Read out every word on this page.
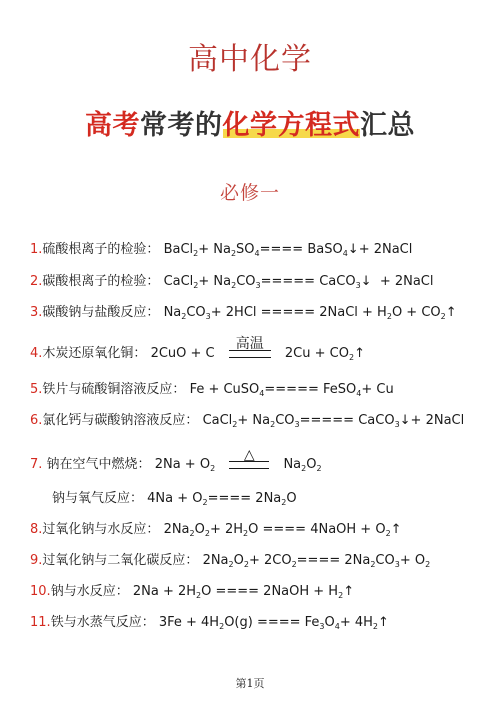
高中化学
高考常考的化学方程式汇总
必修一
1.硫酸根离子的检验： BaCl$_2$+ $Na_2SO_4====$ BaSO$_4$↓+ 2NaCl
2.碳酸根离子的检验： CaCl$_2$+ $Na_2CO_3=====$ CaCO$_3$↓  + 2NaCl
3.碳酸钠与盐酸反应： $Na_2CO_3+ 2HCl$ ===== 2NaCl + $H_2O$ + $CO_2↑$
4.木炭还原氧化铜： 2CuO + C
高温
$2Cu + CO_2↑$
5.铁片与硫酸铜溶液反应： Fe + CuSO$_4$===== FeSO$_4$+ Cu
6.氯化钙与碳酸钠溶液反应： CaCl$_2$+ $Na_2CO_3=====$ CaCO$_3$↓+ 2NaCl
7. 钠在空气中燃烧： $2Na + O_2$
△
$Na_2O_2$
钠与氧气反应： $4Na + O_2==== 2Na_2O$
8.过氧化钠与水反应： $2Na_2O_2+ 2H_2O$ ==== 4NaOH + $O_2↑$
9.过氧化钠与二氧化碳反应： $2Na_2O_2+ 2CO_2==== 2Na_2CO_3+ O_2$
10.钠与水反应： $2Na + 2H_2O$ ==== 2NaOH + $H_2↑$
11.铁与水蒸气反应： $3Fe + 4H_2O(g)$ ==== $Fe_3O_4+$ $4H_2↑$
第1页
